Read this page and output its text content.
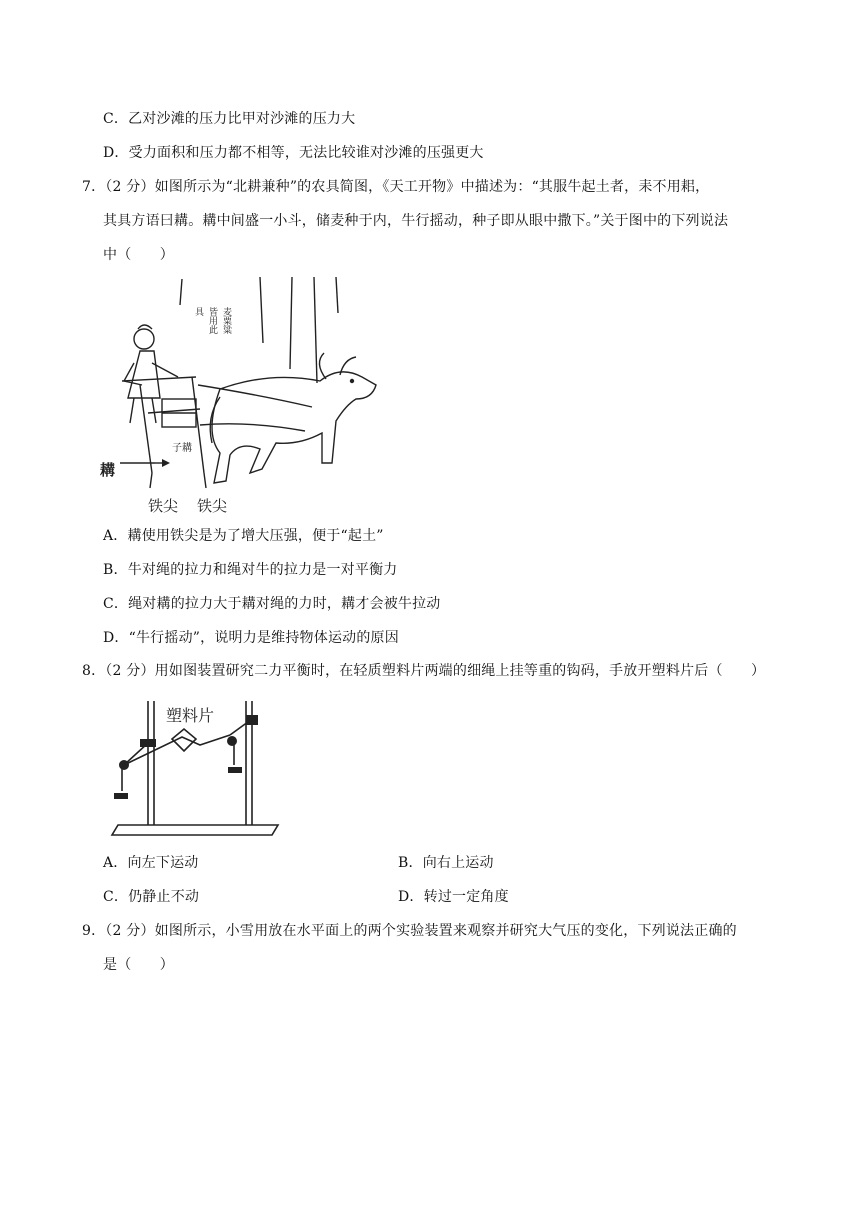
C．乙对沙滩的压力比甲对沙滩的压力大
D．受力面积和压力都不相等，无法比较谁对沙滩的压强更大
7．（2 分）如图所示为“北耕兼种”的农具简图，《天工开物》中描述为：“其服牛起土者，耒不用耜，
其具方语曰耩。耩中间盛一小斗，储麦种于内，牛行摇动，种子即从眼中撒下。”关于图中的下列说法
中（　　）
麦粟粱
皆用此
具
子耩
耩
铁尖 铁尖
A．耩使用铁尖是为了增大压强，便于“起土”
B．牛对绳的拉力和绳对牛的拉力是一对平衡力
C．绳对耩的拉力大于耩对绳的力时，耩才会被牛拉动
D．“牛行摇动”，说明力是维持物体运动的原因
8．（2 分）用如图装置研究二力平衡时，在轻质塑料片两端的细绳上挂等重的钩码，手放开塑料片后（　　）
塑料片
A．向左下运动	B．向右上运动
C．仍静止不动	D．转过一定角度
9．（2 分）如图所示，小雪用放在水平面上的两个实验装置来观察并研究大气压的变化，下列说法正确的
是（　　）
